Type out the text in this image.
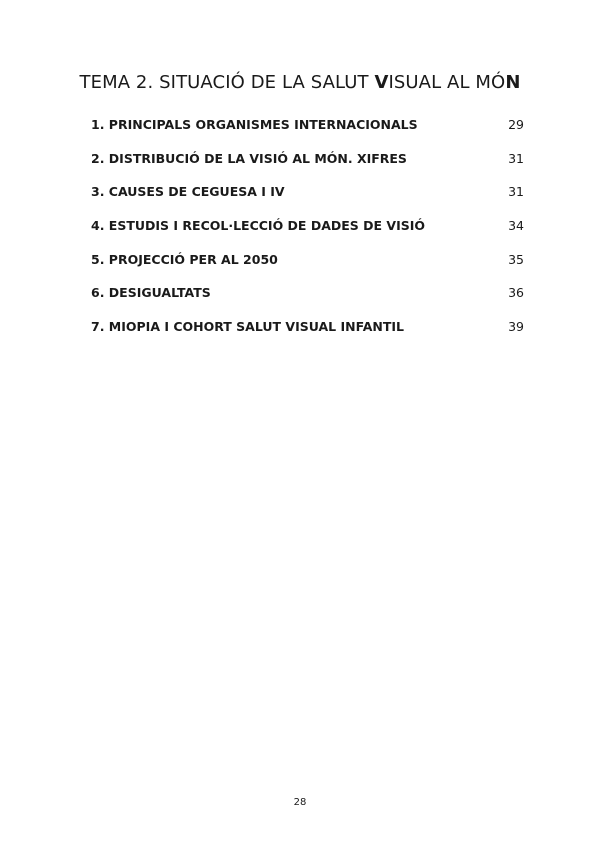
TEMA 2. SITUACIÓ DE LA SALUT VISUAL AL MÓN
1. PRINCIPALS ORGANISMES INTERNACIONALS	29
2. DISTRIBUCIÓ DE LA VISIÓ AL MÓN. XIFRES	31
3. CAUSES DE CEGUESA I IV	31
4. ESTUDIS I RECOL·LECCIÓ DE DADES DE VISIÓ	34
5. PROJECCIÓ PER AL 2050	35
6. DESIGUALTATS	36
7. MIOPIA I COHORT SALUT VISUAL INFANTIL	39
28
